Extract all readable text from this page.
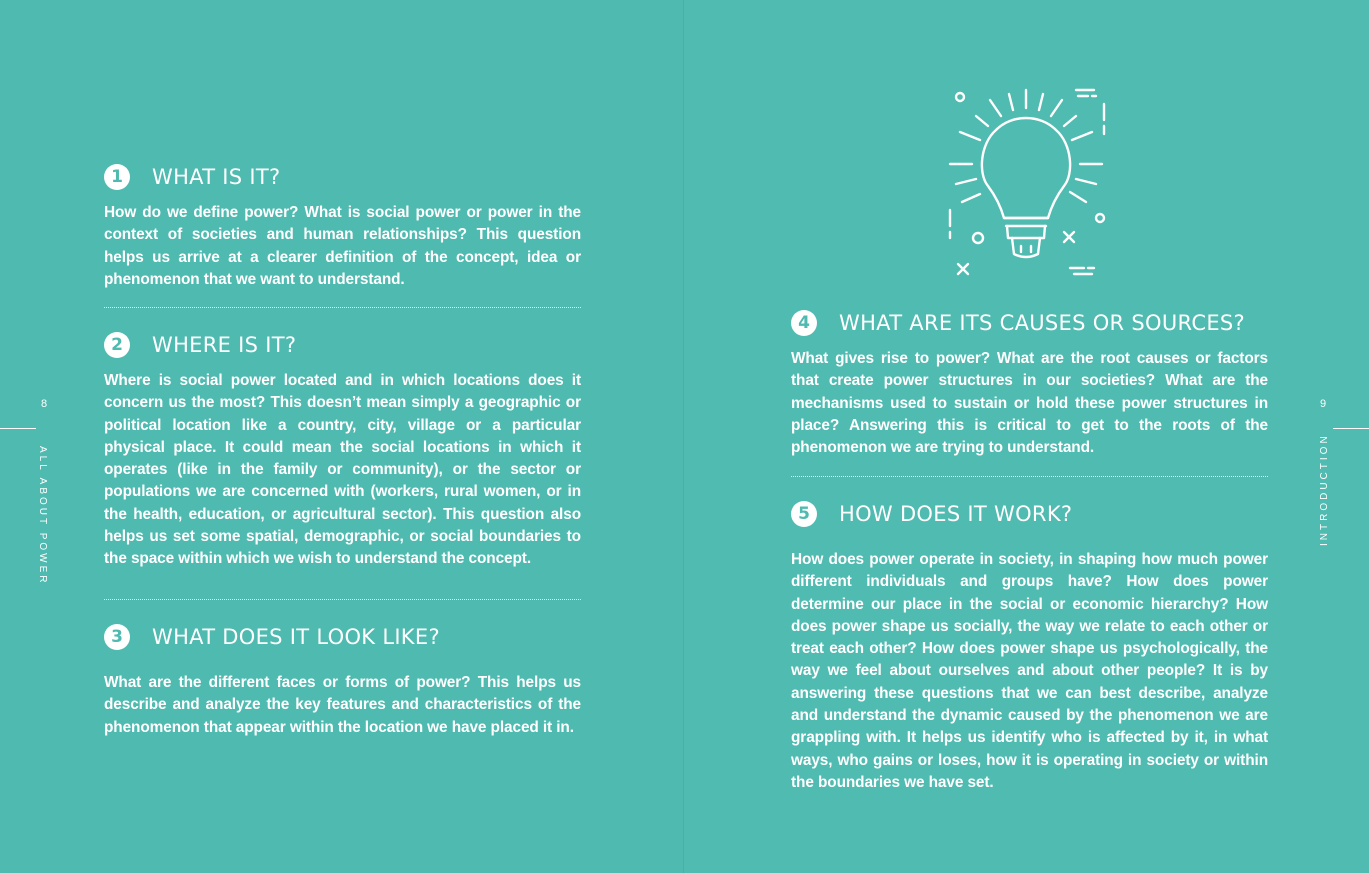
8
ALL ABOUT POWER
1	WHAT IS IT?

How do we define power? What is social power or power in the context of societies and human relationships? This question helps us arrive at a clearer definition of the concept, idea or phenomenon that we want to understand.

2	WHERE IS IT?

Where is social power located and in which locations does it concern us the most? This doesn’t mean simply a geographic or political location like a country, city, village or a particular physical place. It could mean the social locations in which it operates (like in the family or community), or the sector or populations we are concerned with (workers, rural women, or in the health, education, or agricultural sector). This question also helps us set some spatial, demographic, or social boundaries to the space within which we wish to understand the concept.

3	WHAT DOES IT LOOK LIKE?

What are the different faces or forms of power? This helps us describe and analyze the key features and characteristics of the phenomenon that appear within the location we have placed it in.

4	WHAT ARE ITS CAUSES OR SOURCES?

What gives rise to power? What are the root causes or factors that create power structures in our societies? What are the mechanisms used to sustain or hold these power structures in place? Answering this is critical to get to the roots of the phenomenon we are trying to understand.

5	HOW DOES IT WORK?

How does power operate in society, in shaping how much power different individuals and groups have? How does power determine our place in the social or economic hierarchy? How does power shape us socially, the way we relate to each other or treat each other? How does power shape us psychologically, the way we feel about ourselves and about other people? It is by answering these questions that we can best describe, analyze and understand the dynamic caused by the phenomenon we are grappling with. It helps us identify who is affected by it, in what ways, who gains or loses, how it is operating in society or within the boundaries we have set.

9
INTRODUCTION
